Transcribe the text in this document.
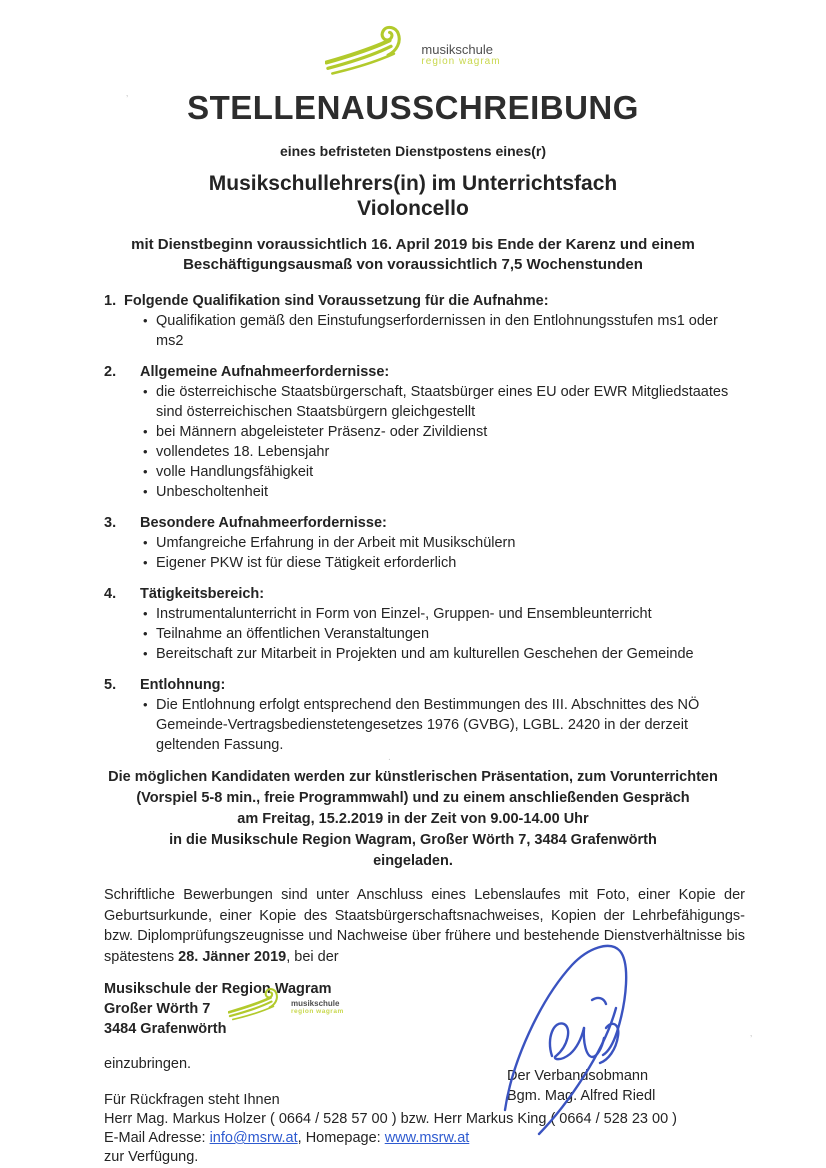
musikschule
region wagram
STELLENAUSSCHREIBUNG
eines befristeten Dienstpostens eines(r)
Musikschullehrers(in) im Unterrichtsfach
Violoncello
mit Dienstbeginn voraussichtlich 16. April 2019 bis Ende der Karenz und einem
Beschäftigungsausmaß von voraussichtlich 7,5 Wochenstunden
1. Folgende Qualifikation sind Voraussetzung für die Aufnahme:
•
Qualifikation gemäß den Einstufungserfordernissen in den Entlohnungsstufen ms1 oder ms2
2.	Allgemeine Aufnahmeerfordernisse:
•
die österreichische Staatsbürgerschaft, Staatsbürger eines EU oder EWR Mitgliedstaates sind österreichischen Staatsbürgern gleichgestellt
•
bei Männern abgeleisteter Präsenz- oder Zivildienst
•
vollendetes 18. Lebensjahr
•
volle Handlungsfähigkeit
•
Unbescholtenheit
3.	Besondere Aufnahmeerfordernisse:
•
Umfangreiche Erfahrung in der Arbeit mit Musikschülern
•
Eigener PKW ist für diese Tätigkeit erforderlich
4.	Tätigkeitsbereich:
•
Instrumentalunterricht in Form von Einzel-, Gruppen- und Ensembleunterricht
•
Teilnahme an öffentlichen Veranstaltungen
•
Bereitschaft zur Mitarbeit in Projekten und am kulturellen Geschehen der Gemeinde
5.	Entlohnung:
•
Die Entlohnung erfolgt entsprechend den Bestimmungen des III. Abschnittes des NÖ Gemeinde-Vertragsbedienstetengesetzes 1976 (GVBG), LGBL. 2420 in der derzeit geltenden Fassung.
Die möglichen Kandidaten werden zur künstlerischen Präsentation, zum Vorunterrichten
(Vorspiel 5-8 min., freie Programmwahl) und zu einem anschließenden Gespräch
am Freitag, 15.2.2019 in der Zeit von 9.00-14.00 Uhr
in die Musikschule Region Wagram, Großer Wörth 7, 3484 Grafenwörth
eingeladen.
Schriftliche Bewerbungen sind unter Anschluss eines Lebenslaufes mit Foto, einer Kopie der Geburtsurkunde, einer Kopie des Staatsbürgerschaftsnachweises, Kopien der Lehrbefähigungs- bzw. Diplomprüfungszeugnisse und Nachweise über frühere und bestehende Dienstverhältnisse bis spätestens 28. Jänner 2019, bei der
Musikschule der Region Wagram
Großer Wörth 7
3484 Grafenwörth
musikschule
region wagram
einzubringen.
Für Rückfragen steht Ihnen
Herr Mag. Markus Holzer ( 0664 / 528 57 00 ) bzw. Herr Markus King ( 0664 / 528 23 00 )
E-Mail Adresse: info@msrw.at, Homepage: www.msrw.at
zur Verfügung.
Der Verbandsobmann
Bgm. Mag. Alfred Riedl
’
.
’
